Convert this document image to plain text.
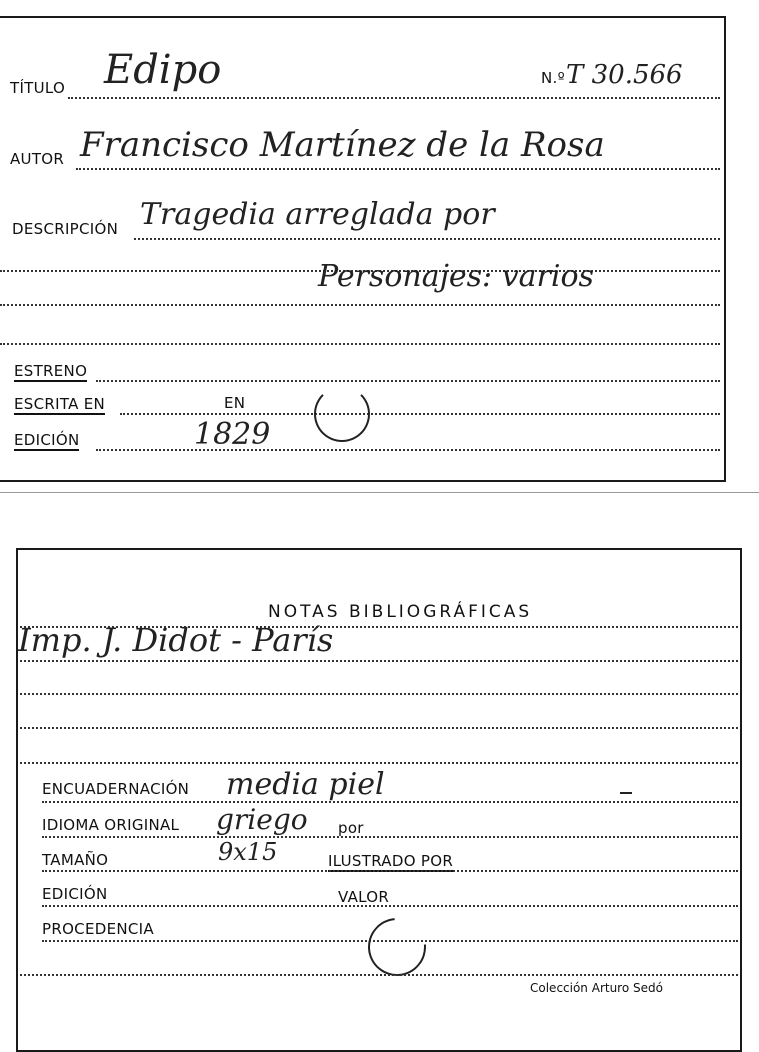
TÍTULO Edipo	N.º T 30.566
AUTOR Francisco Martínez de la Rosa
DESCRIPCIÓN Tragedia arreglada por
Personajes: varios
ESTRENO
ESCRITA EN	EN
EDICIÓN	1829
NOTAS BIBLIOGRÁFICAS
Imp. J. Didot - París
ENCUADERNACIÓN media piel
IDIOMA ORIGINAL griego por
TAMAÑO	9x15	ILUSTRADO POR
EDICIÓN	VALOR
PROCEDENCIA
Colección Arturo Sedó
